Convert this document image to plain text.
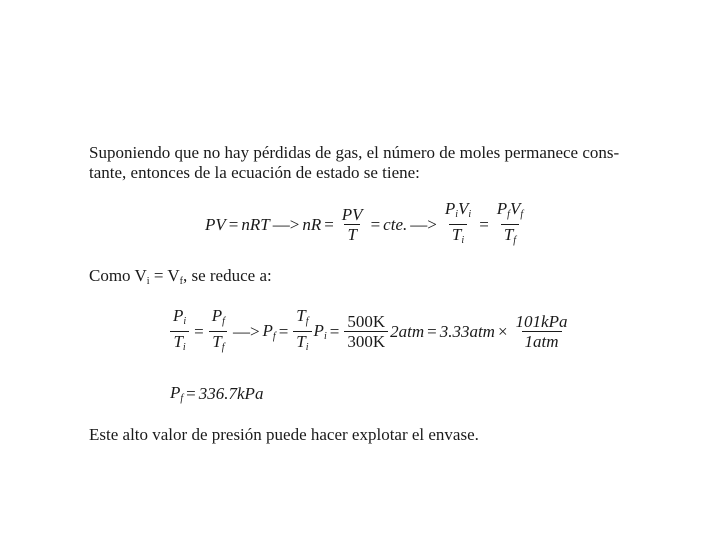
Suponiendo que no hay pérdidas de gas, el número de moles permanece cons-
tante, entonces de la ecuación de estado se tiene:
PV = nRT —> nR = $\frac{PV}{T}$ = cte. —> $\frac{P_iV_i}{T_i} = \frac{P_fV_f}{T_f}$
Como $V_i = V_f$, se reduce a:
$\frac{P_i}{T_i} = \frac{P_f}{T_f}$ —> $P_f = \frac{T_f}{T_i} P_i = \frac{500K}{300K} 2atm = 3.33atm \times \frac{\text{101kPa}}{\text{1atm}}$
$P_f = 336.7kPa$
Este alto valor de presión puede hacer explotar el envase.
